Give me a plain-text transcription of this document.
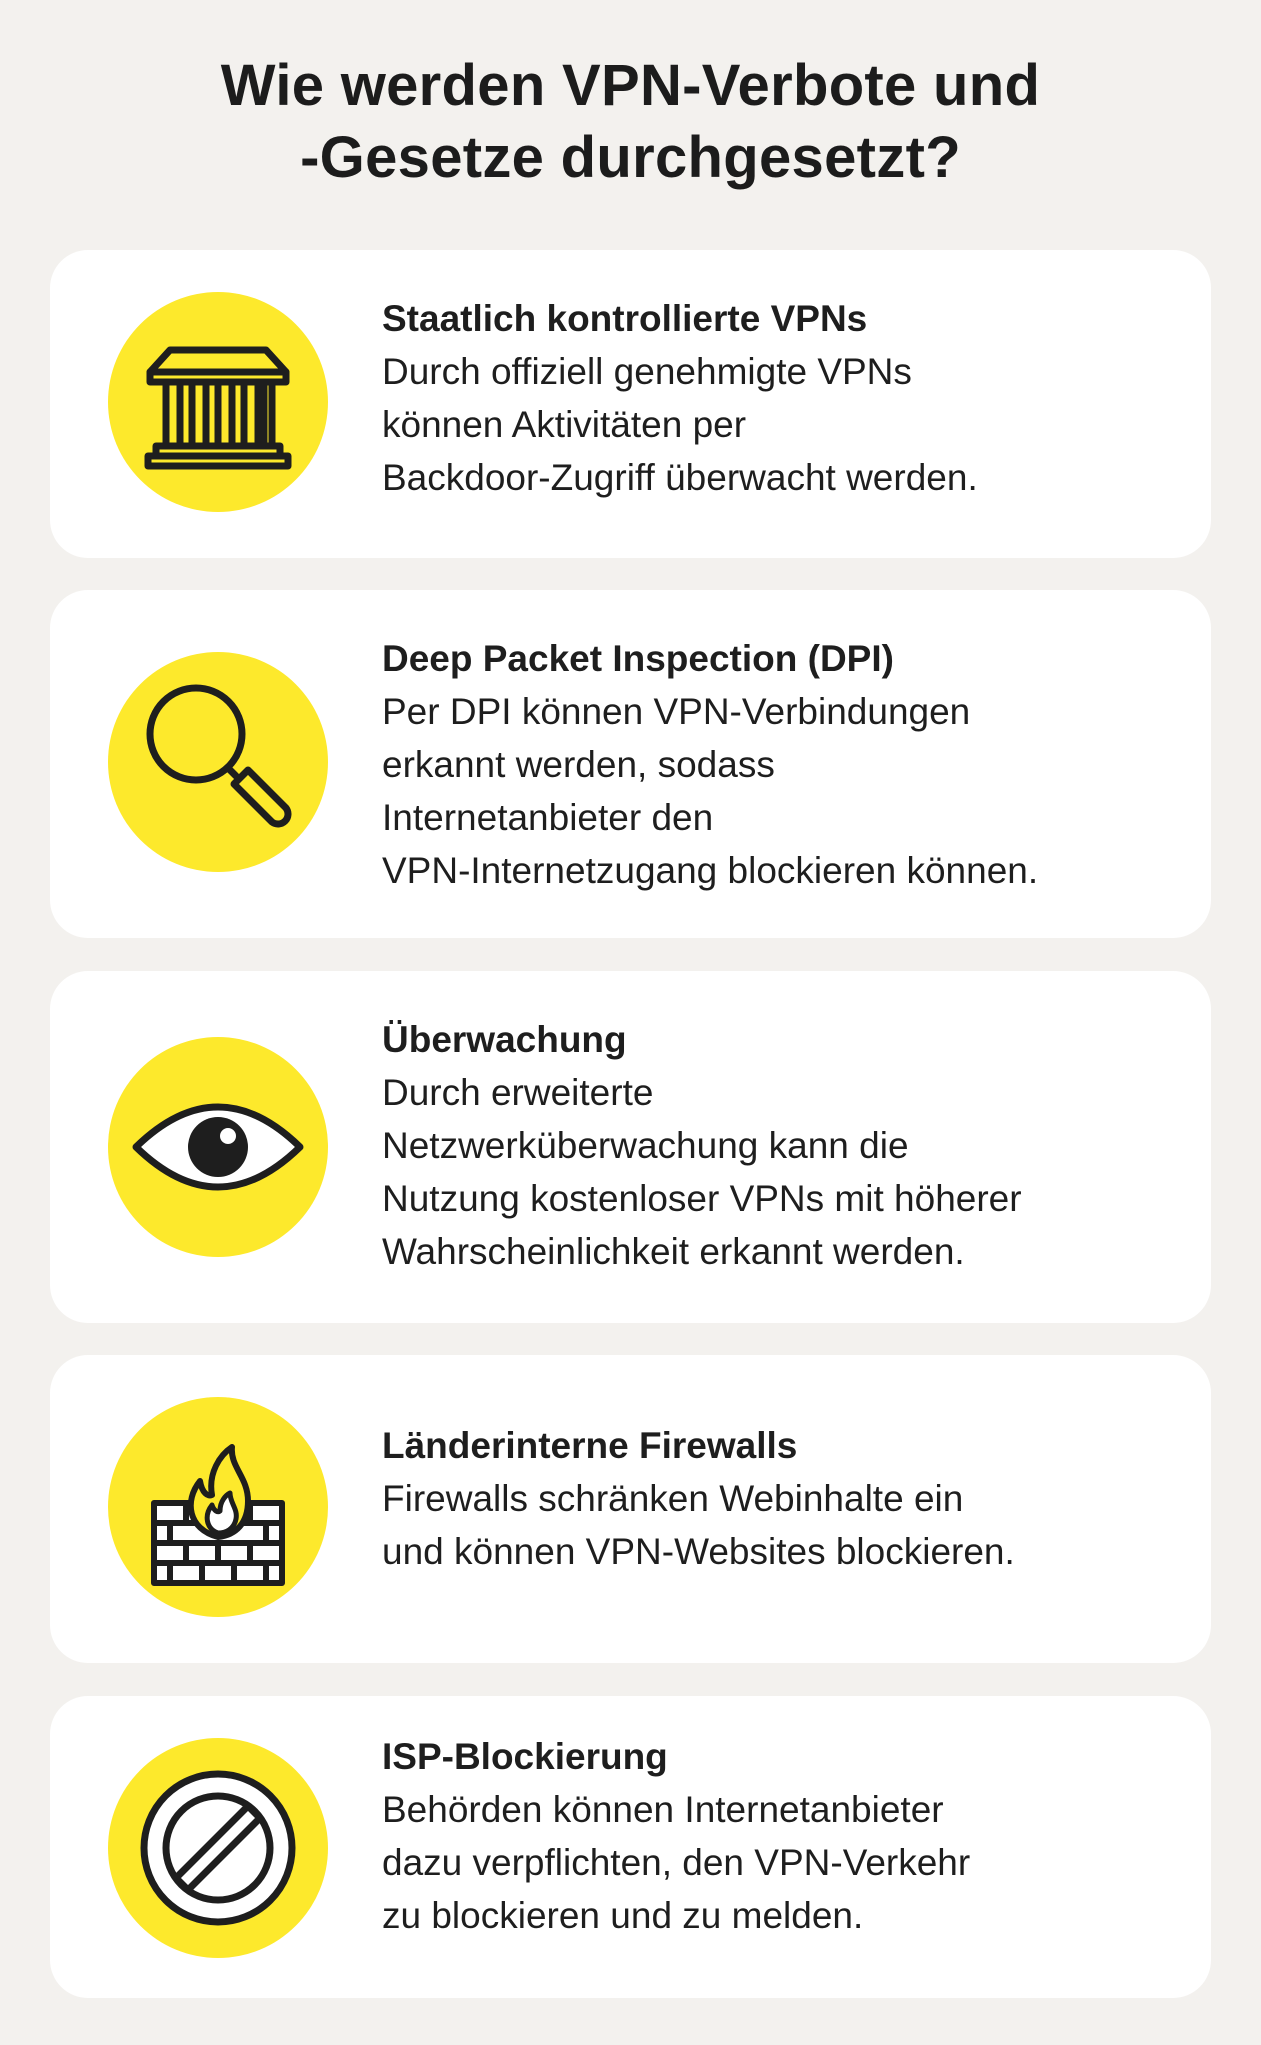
Wie werden VPN-Verbote und
-Gesetze durchgesetzt?
Staatlich kontrollierte VPNs
Durch offiziell genehmigte VPNs
können Aktivitäten per
Backdoor-Zugriff überwacht werden.
Deep Packet Inspection (DPI)
Per DPI können VPN-Verbindungen
erkannt werden, sodass
Internetanbieter den
VPN-Internetzugang blockieren können.
Überwachung
Durch erweiterte
Netzwerküberwachung kann die
Nutzung kostenloser VPNs mit höherer
Wahrscheinlichkeit erkannt werden.
Länderinterne Firewalls
Firewalls schränken Webinhalte ein
und können VPN-Websites blockieren.
ISP-Blockierung
Behörden können Internetanbieter
dazu verpflichten, den VPN-Verkehr
zu blockieren und zu melden.
